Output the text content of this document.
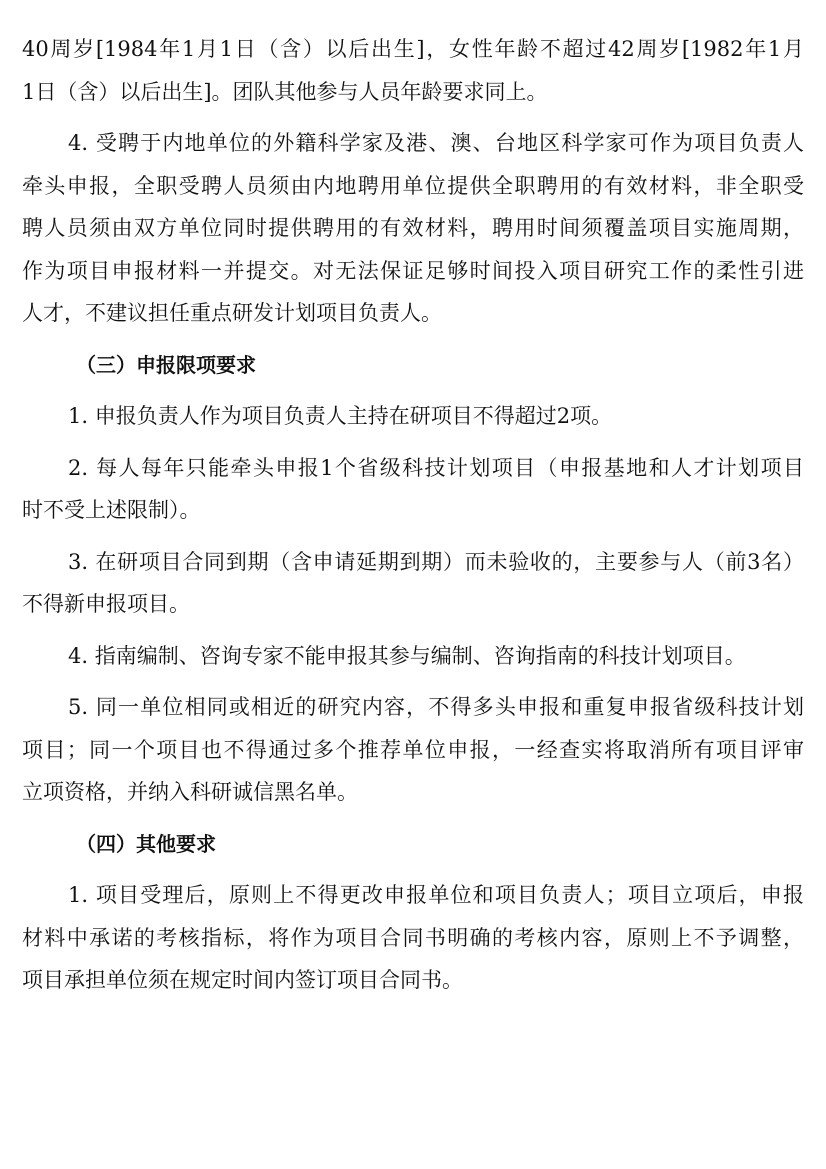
40周岁[1984年1月1日（含）以后出生]，女性年龄不超过42周岁[1982年1月
1日（含）以后出生]。团队其他参与人员年龄要求同上。
4. 受聘于内地单位的外籍科学家及港、澳、台地区科学家可作为项目负责人
牵头申报，全职受聘人员须由内地聘用单位提供全职聘用的有效材料，非全职受
聘人员须由双方单位同时提供聘用的有效材料，聘用时间须覆盖项目实施周期，
作为项目申报材料一并提交。对无法保证足够时间投入项目研究工作的柔性引进
人才，不建议担任重点研发计划项目负责人。
（三）申报限项要求
1. 申报负责人作为项目负责人主持在研项目不得超过2项。
2. 每人每年只能牵头申报1个省级科技计划项目（申报基地和人才计划项目
时不受上述限制）。
3. 在研项目合同到期（含申请延期到期）而未验收的，主要参与人（前3名）
不得新申报项目。
4. 指南编制、咨询专家不能申报其参与编制、咨询指南的科技计划项目。
5. 同一单位相同或相近的研究内容，不得多头申报和重复申报省级科技计划
项目；同一个项目也不得通过多个推荐单位申报，一经查实将取消所有项目评审
立项资格，并纳入科研诚信黑名单。
（四）其他要求
1. 项目受理后，原则上不得更改申报单位和项目负责人；项目立项后，申报
材料中承诺的考核指标，将作为项目合同书明确的考核内容，原则上不予调整，
项目承担单位须在规定时间内签订项目合同书。
